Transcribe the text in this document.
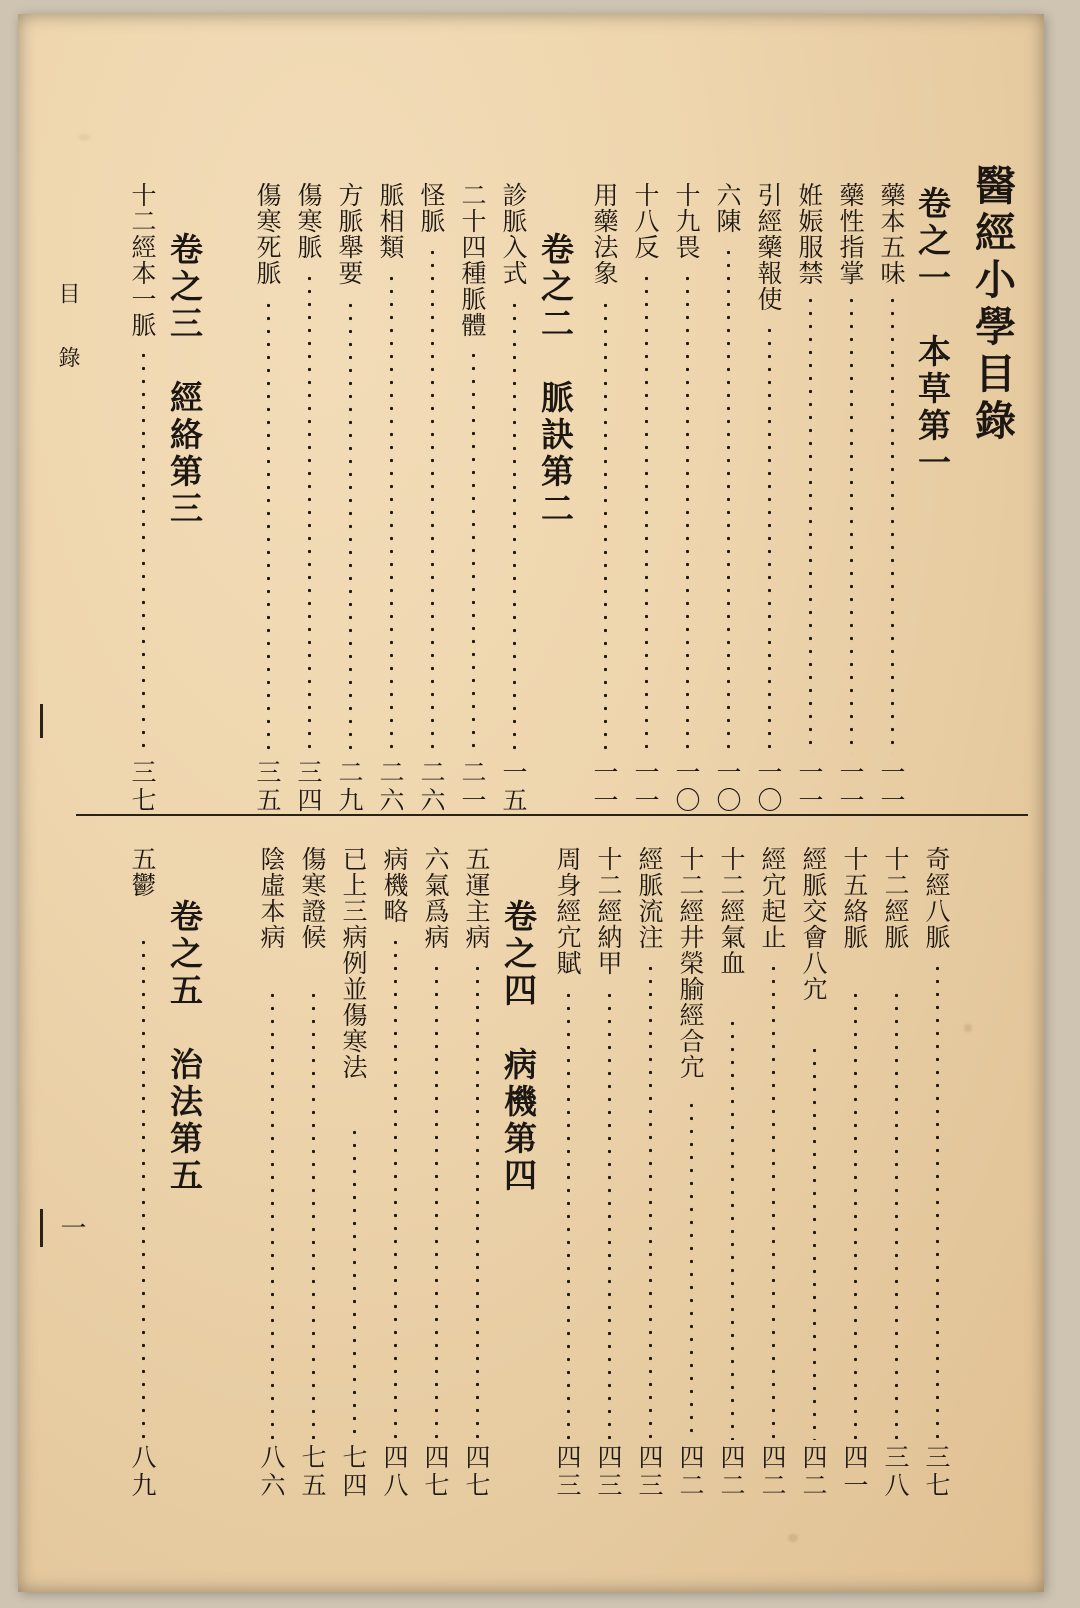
醫經小學目錄
目　錄
一
卷之一　本草第一
藥本五味
一一
藥性指掌
一一
姙娠服禁
一一
引經藥報使
一〇
六陳
一〇
十九畏
一〇
十八反
一一
用藥法象
一一
卷之二　脈訣第二
診脈入式
一五
二十四種脈體
二一
怪脈
二六
脈相類
二六
方脈舉要
二九
傷寒脈
三四
傷寒死脈
三五
卷之三　經絡第三
十二經本一脈
三七
奇經八脈
三七
十二經脈
三八
十五絡脈
四一
經脈交會八宂
四二
經宂起止
四二
十二經氣血
四二
十二經井榮腧經合宂
四二
經脈流注
四三
十二經納甲
四三
周身經宂賦
四三
卷之四　病機第四
五運主病
四七
六氣爲病
四七
病機略
四八
已上三病例並傷寒法
七四
傷寒證候
七五
陰虛本病
八六
卷之五　治法第五
五鬱
八九
